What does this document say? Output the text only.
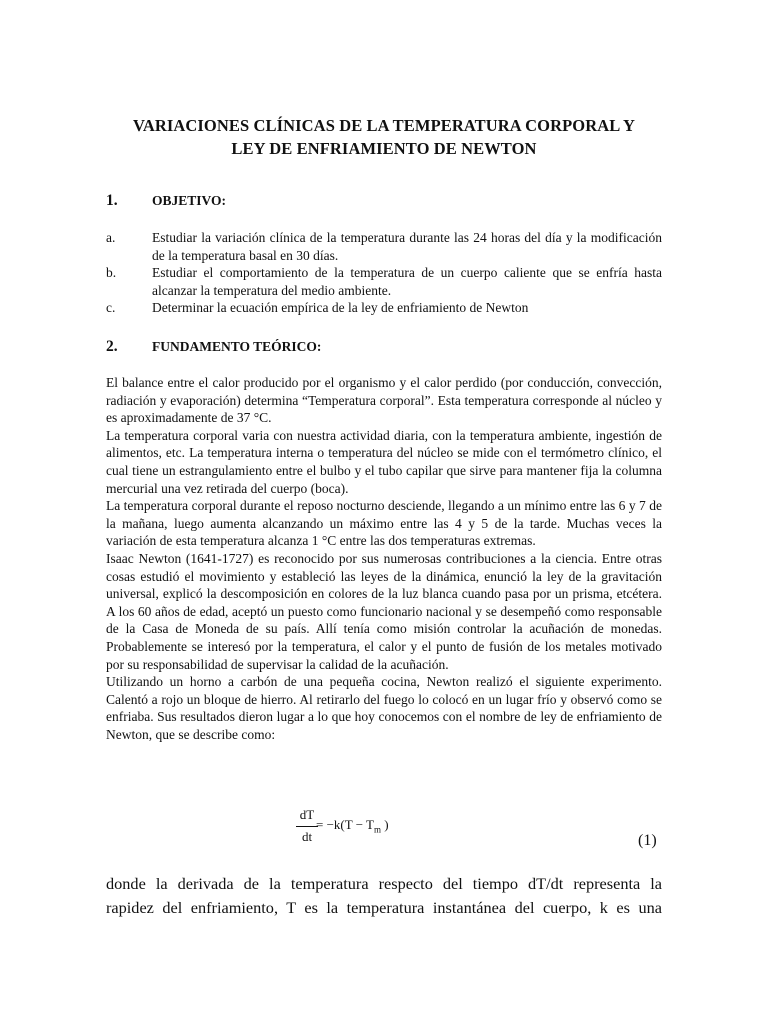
VARIACIONES CLÍNICAS DE LA TEMPERATURA CORPORAL Y
LEY DE ENFRIAMIENTO DE NEWTON
1.	OBJETIVO:
a.	Estudiar la variación clínica de la temperatura durante las 24 horas del día y la modificación de la temperatura basal en 30 días.
b.	Estudiar el comportamiento de la temperatura de un cuerpo caliente que se enfría hasta alcanzar la temperatura del medio ambiente.
c.	Determinar la ecuación empírica de la ley de enfriamiento de Newton
2.	FUNDAMENTO TEÓRICO:

El balance entre el calor producido por el organismo y el calor perdido (por conducción, convección, radiación y evaporación) determina “Temperatura corporal”. Esta temperatura corresponde al núcleo y es aproximadamente de 37 °C.

La temperatura corporal varia con nuestra actividad diaria, con la temperatura ambiente, ingestión de alimentos, etc. La temperatura interna o temperatura del núcleo se mide con el termómetro clínico, el cual tiene un estrangulamiento entre el bulbo y el tubo capilar que sirve para mantener fija la columna mercurial una vez retirada del cuerpo (boca).

La temperatura corporal durante el reposo nocturno desciende, llegando a un mínimo entre las 6 y 7 de la mañana, luego aumenta alcanzando un máximo entre las 4 y 5 de la tarde. Muchas veces la variación de esta temperatura alcanza 1 °C entre las dos temperaturas extremas.

Isaac Newton (1641-1727) es reconocido por sus numerosas contribuciones a la ciencia. Entre otras cosas estudió el movimiento y estableció las leyes de la dinámica, enunció la ley de la gravitación universal, explicó la descomposición en colores de la luz blanca cuando pasa por un prisma, etcétera. A los 60 años de edad, aceptó un puesto como funcionario nacional y se desempeñó como responsable de la Casa de Moneda de su país. Allí tenía como misión controlar la acuñación de monedas. Probablemente se interesó por la temperatura, el calor y el punto de fusión de los metales motivado por su responsabilidad de supervisar la calidad de la acuñación.

Utilizando un horno a carbón de una pequeña cocina, Newton realizó el siguiente experimento. Calentó a rojo un bloque de hierro. Al retirarlo del fuego lo colocó en un lugar frío y observó como se enfriaba. Sus resultados dieron lugar a lo que hoy conocemos con el nombre de ley de enfriamiento de Newton, que se describe como:

dT
dt
= $-k(T - T_m$ )
(1)

donde la derivada de la temperatura respecto del tiempo dT/dt representa la

rapidez del enfriamiento, T es la temperatura instantánea del cuerpo, k es una
